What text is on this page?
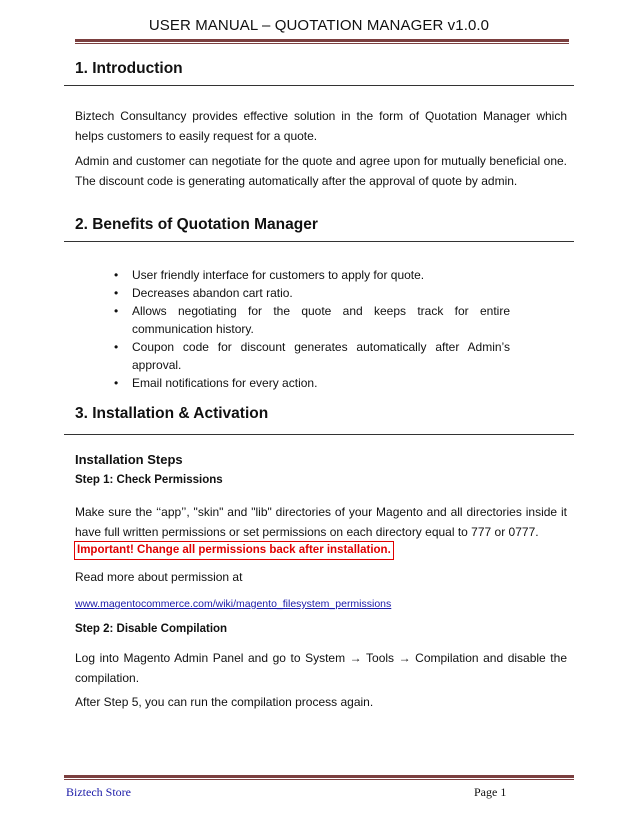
USER MANUAL – QUOTATION MANAGER v1.0.0
1. Introduction
Biztech Consultancy provides effective solution in the form of Quotation Manager which helps customers to easily request for a quote.
Admin and customer can negotiate for the quote and agree upon for mutually beneficial one. The discount code is generating automatically after the approval of quote by admin.
2. Benefits of Quotation Manager
• User friendly interface for customers to apply for quote.
• Decreases abandon cart ratio.
• Allows negotiating for the quote and keeps track for entire communication history.
• Coupon code for discount generates automatically after Admin’s approval.
• Email notifications for every action.
3. Installation & Activation
Installation Steps
Step 1: Check Permissions
Make sure the ‘‘app’’, "skin" and "lib" directories of your Magento and all directories inside it have full written permissions or set permissions on each directory equal to 777 or 0777.
Important! Change all permissions back after installation.
Read more about permission at
www.magentocommerce.com/wiki/magento_filesystem_permissions
Step 2: Disable Compilation
Log into Magento Admin Panel and go to System → Tools → Compilation and disable the compilation.
After Step 5, you can run the compilation process again.
Biztech Store	Page 1
